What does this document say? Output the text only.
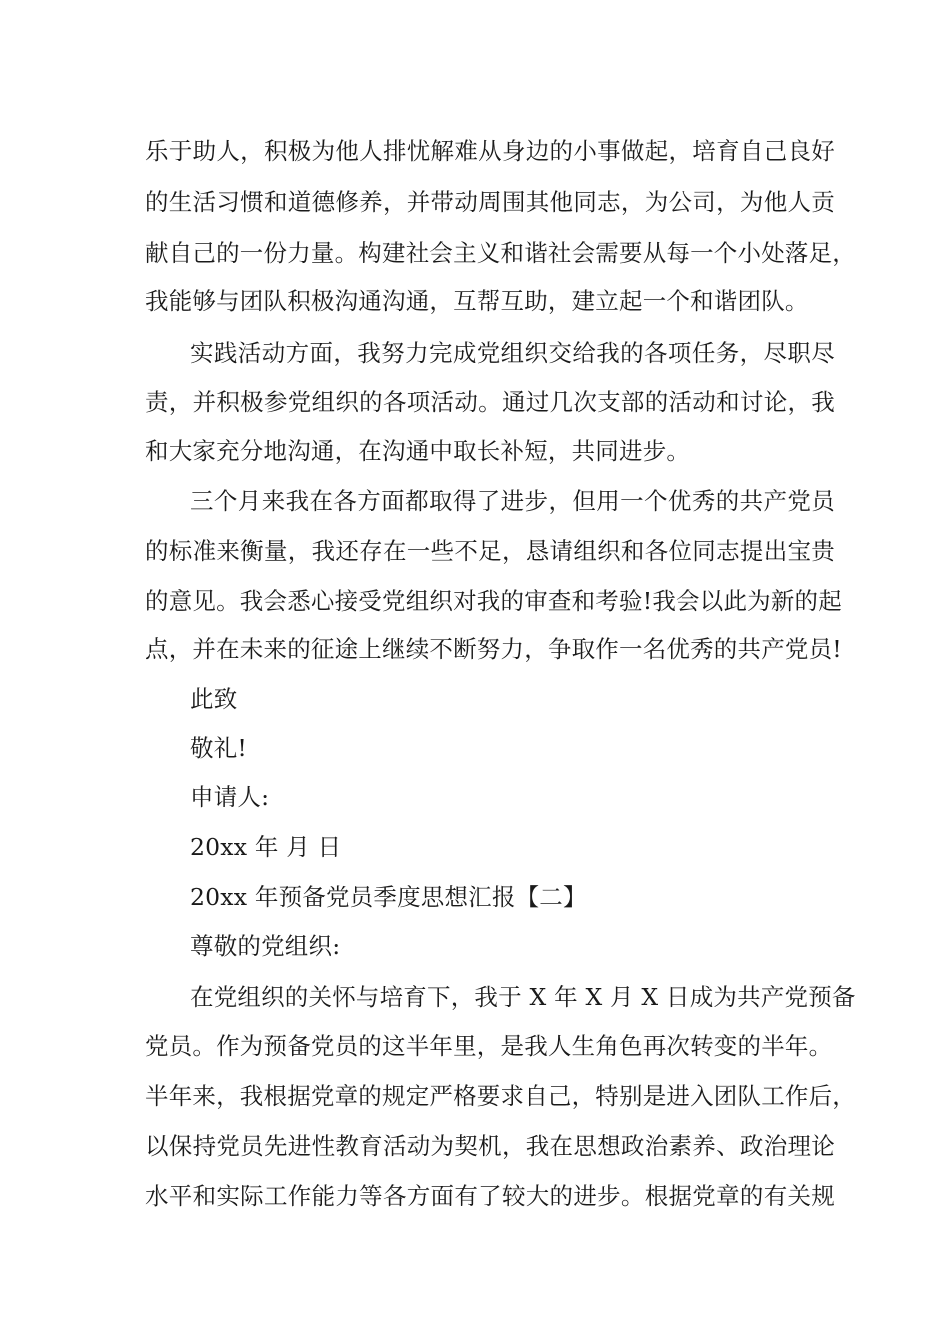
乐于助人，积极为他人排忧解难从身边的小事做起，培育自己良好
的生活习惯和道德修养，并带动周围其他同志，为公司，为他人贡
献自己的一份力量。构建社会主义和谐社会需要从每一个小处落足，
我能够与团队积极沟通沟通，互帮互助，建立起一个和谐团队。
实践活动方面，我努力完成党组织交给我的各项任务，尽职尽
责，并积极参党组织的各项活动。通过几次支部的活动和讨论，我
和大家充分地沟通，在沟通中取长补短，共同进步。
三个月来我在各方面都取得了进步，但用一个优秀的共产党员
的标准来衡量，我还存在一些不足，恳请组织和各位同志提出宝贵
的意见。我会悉心接受党组织对我的审查和考验!我会以此为新的起
点，并在未来的征途上继续不断努力，争取作一名优秀的共产党员!
此致
敬礼!
申请人:
20xx 年 月 日
20xx 年预备党员季度思想汇报【二】
尊敬的党组织:
在党组织的关怀与培育下，我于 X 年 X 月 X 日成为共产党预备
党员。作为预备党员的这半年里，是我人生角色再次转变的半年。
半年来，我根据党章的规定严格要求自己，特别是进入团队工作后，
以保持党员先进性教育活动为契机，我在思想政治素养、政治理论
水平和实际工作能力等各方面有了较大的进步。根据党章的有关规
